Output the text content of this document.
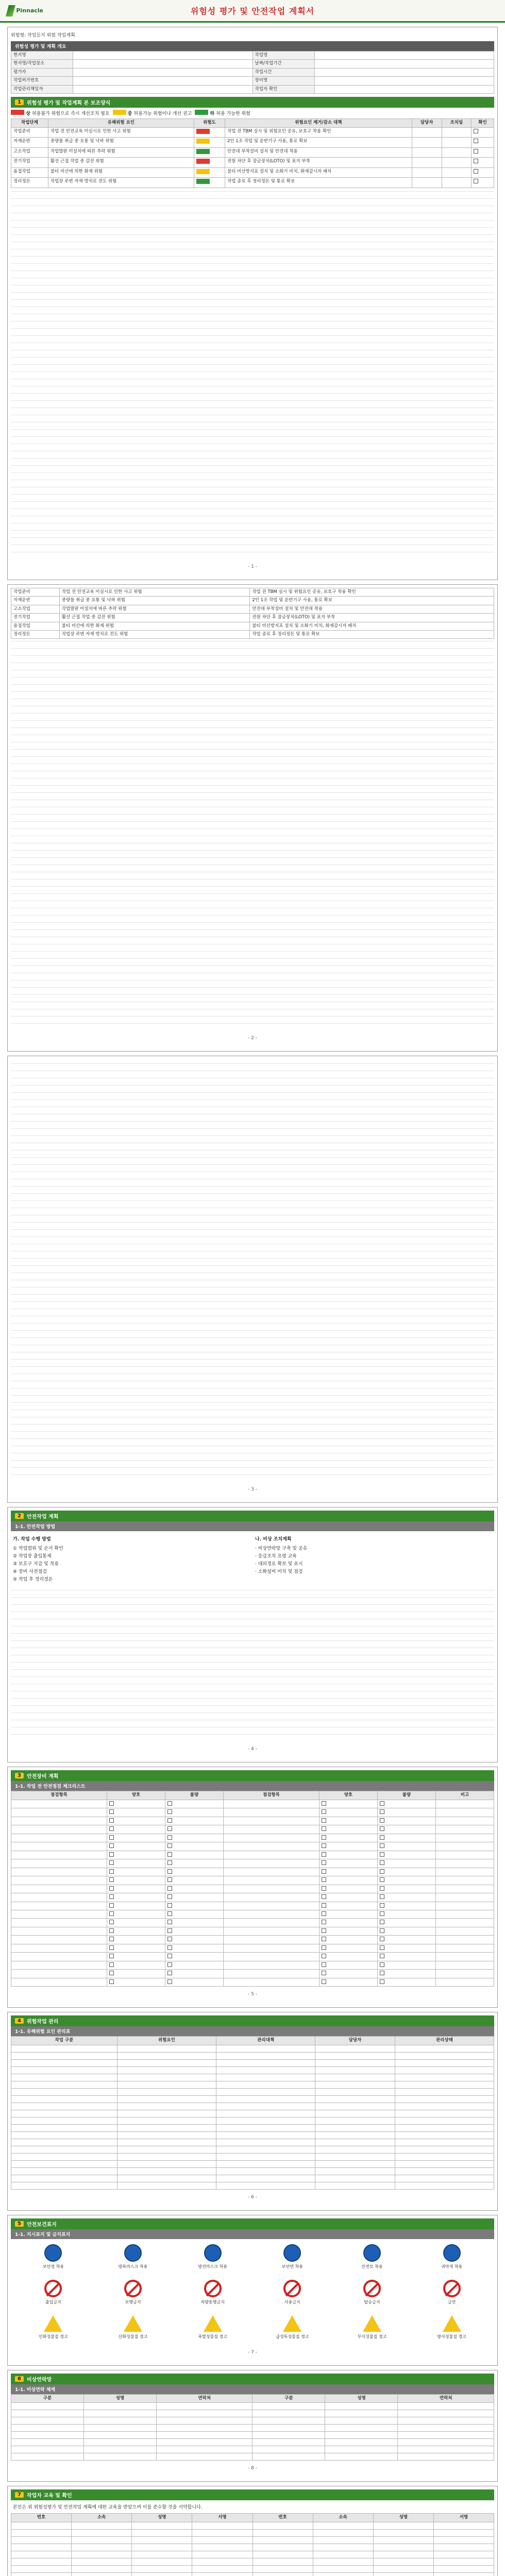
Pinnacle	위험성 평가 및 안전작업 계획서
위험형: 작업등지 위험 작업계획
위험성 평가 및 계획 개요
현지명		작업명	
현지명/작업장소		날짜/작업기간	
평가자		작업시간	
작업허가번호		장비명	
작업관리책임자		작업자 확인	
1	위험성 평가 및 작업계획 본 보조양식
상 허용불가 위험으로 즉시 개선조치 필요	중 허용가능 위험이나 개선 권고	하 허용 가능한 위험
작업단계	유해위험 요인	위험도	위험요인 제거/감소 대책	담당자	조치일	확인
작업준비	작업 전 안전교육 미실시로 인한 사고 위험		작업 전 TBM 실시 및 위험요인 공유, 보호구 착용 확인			
자재운반	중량물 취급 중 요통 및 낙하 위험		2인 1조 작업 및 운반기구 사용, 통로 확보			
고소작업	작업발판 미설치에 따른 추락 위험		안전대 부착설비 설치 및 안전대 착용			
전기작업	활선 근접 작업 중 감전 위험		전원 차단 후 잠금장치(LOTO) 및 표지 부착			
용접작업	불티 비산에 의한 화재 위험		불티 비산방지포 설치 및 소화기 비치, 화재감시자 배치			
정리정돈	작업장 주변 자재 방치로 전도 위험		작업 종료 후 정리정돈 및 통로 확보			
- 1 -
작업준비	작업 전 안전교육 미실시로 인한 사고 위험	작업 전 TBM 실시 및 위험요인 공유, 보호구 착용 확인
자재운반	중량물 취급 중 요통 및 낙하 위험	2인 1조 작업 및 운반기구 사용, 통로 확보
고소작업	작업발판 미설치에 따른 추락 위험	안전대 부착설비 설치 및 안전대 착용
전기작업	활선 근접 작업 중 감전 위험	전원 차단 후 잠금장치(LOTO) 및 표지 부착
용접작업	불티 비산에 의한 화재 위험	불티 비산방지포 설치 및 소화기 비치, 화재감시자 배치
정리정돈	작업장 주변 자재 방치로 전도 위험	작업 종료 후 정리정돈 및 통로 확보
- 2 -
- 3 -
2	안전작업 계획
1-1. 안전작업 방법
가. 작업 수행 방법
① 작업범위 및 순서 확인
② 작업장 출입통제
③ 보호구 지급 및 착용
④ 장비 사전점검
⑤ 작업 후 정리정돈
나. 비상 조치계획
· 비상연락망 구축 및 공유
· 응급조치 요령 교육
· 대피경로 확보 및 표시
· 소화설비 비치 및 점검
- 4 -
3	안전장비 계획
1-1. 작업 전 안전점검 체크리스트
점검항목	양호	불량	점검항목	양호	불량	비고

- 5 -
4	위험작업 관리
1-1. 유해위험 요인 관리표
작업 구분	위험요인	관리대책	담당자	관리상태

- 6 -
5	안전보건표지
1-1. 지시표지 및 금지표지
보안경 착용	방독마스크 착용	방진마스크 착용	보안면 착용	안전모 착용	귀마개 착용
출입금지	보행금지	차량통행금지	사용금지	탑승금지	금연
인화성물질 경고	산화성물질 경고	폭발성물질 경고	급성독성물질 경고	부식성물질 경고	방사성물질 경고
- 7 -
6	비상연락망
1-1. 비상연락 체계
구분	성명	연락처	구분	성명	연락처

- 8 -
7	작업자 교육 및 확인
본인은 위 위험성평가 및 안전작업 계획에 대한 교육을 받았으며 이를 준수할 것을 서약합니다.
번호	소속	성명	서명	번호	소속	성명	서명
